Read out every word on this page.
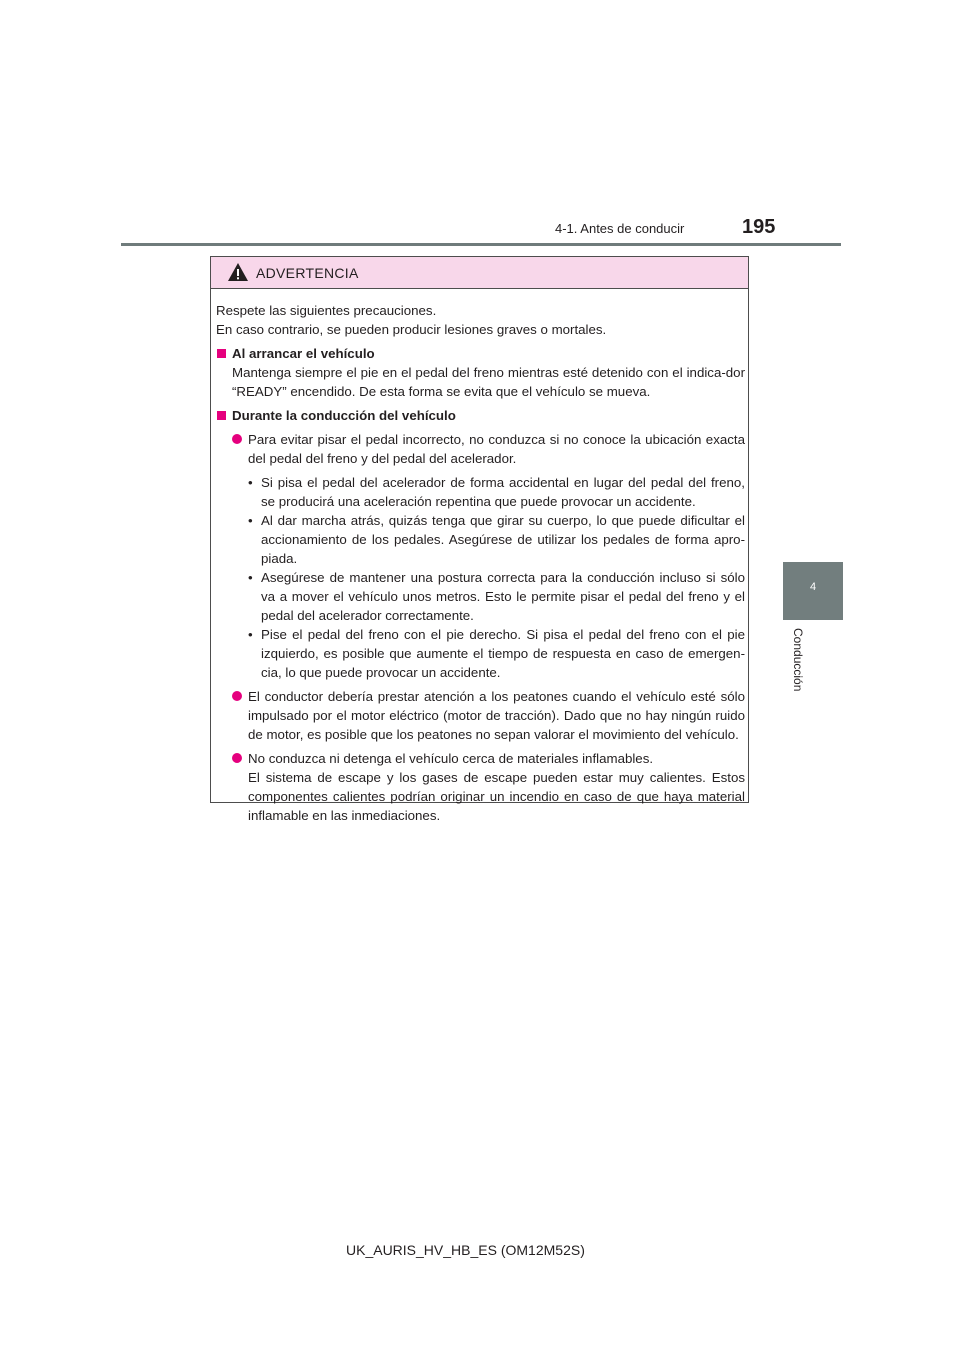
4-1. Antes de conducir	195
4
Conducción
ADVERTENCIA

Respete las siguientes precauciones.

En caso contrario, se pueden producir lesiones graves o mortales.

Al arrancar el vehículo

Mantenga siempre el pie en el pedal del freno mientras esté detenido con el indica-dor “READY” encendido. De esta forma se evita que el vehículo se mueva.

Durante la conducción del vehículo

Para evitar pisar el pedal incorrecto, no conduzca si no conoce la ubicación exacta del pedal del freno y del pedal del acelerador.

• Si pisa el pedal del acelerador de forma accidental en lugar del pedal del freno, se producirá una aceleración repentina que puede provocar un accidente.

• Al dar marcha atrás, quizás tenga que girar su cuerpo, lo que puede dificultar el accionamiento de los pedales. Asegúrese de utilizar los pedales de forma apro-piada.

• Asegúrese de mantener una postura correcta para la conducción incluso si sólo va a mover el vehículo unos metros. Esto le permite pisar el pedal del freno y el pedal del acelerador correctamente.

• Pise el pedal del freno con el pie derecho. Si pisa el pedal del freno con el pie izquierdo, es posible que aumente el tiempo de respuesta en caso de emergen-cia, lo que puede provocar un accidente.

El conductor debería prestar atención a los peatones cuando el vehículo esté sólo impulsado por el motor eléctrico (motor de tracción). Dado que no hay ningún ruido de motor, es posible que los peatones no sepan valorar el movimiento del vehículo.

No conduzca ni detenga el vehículo cerca de materiales inflamables.

El sistema de escape y los gases de escape pueden estar muy calientes. Estos componentes calientes podrían originar un incendio en caso de que haya material inflamable en las inmediaciones.

UK_AURIS_HV_HB_ES (OM12M52S)
